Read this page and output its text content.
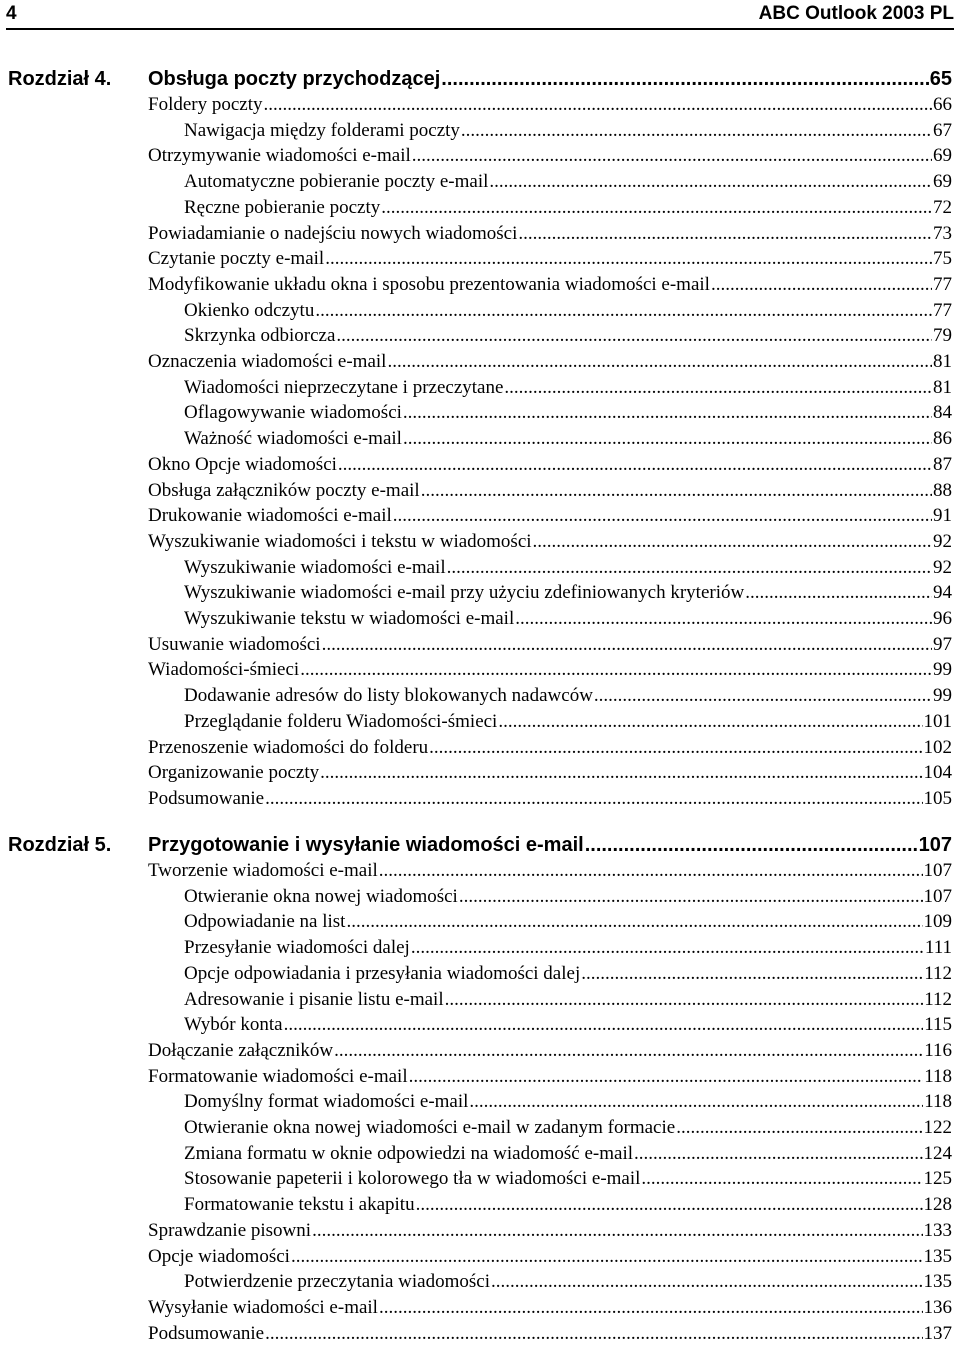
4	ABC Outlook 2003 PL
Rozdział 4. Obsługa poczty przychodzącej .....	65
Foldery poczty .....	66
Nawigacja między folderami poczty .....	67
Otrzymywanie wiadomości e-mail .....	69
Automatyczne pobieranie poczty e-mail .....	69
Ręczne pobieranie poczty .....	72
Powiadamianie o nadejściu nowych wiadomości .....	73
Czytanie poczty e-mail .....	75
Modyfikowanie układu okna i sposobu prezentowania wiadomości e-mail .....	77
Okienko odczytu .....	77
Skrzynka odbiorcza .....	79
Oznaczenia wiadomości e-mail .....	81
Wiadomości nieprzeczytane i przeczytane .....	81
Oflagowywanie wiadomości .....	84
Ważność wiadomości e-mail .....	86
Okno Opcje wiadomości .....	87
Obsługa załączników poczty e-mail .....	88
Drukowanie wiadomości e-mail .....	91
Wyszukiwanie wiadomości i tekstu w wiadomości .....	92
Wyszukiwanie wiadomości e-mail .....	92
Wyszukiwanie wiadomości e-mail przy użyciu zdefiniowanych kryteriów .....	94
Wyszukiwanie tekstu w wiadomości e-mail .....	96
Usuwanie wiadomości .....	97
Wiadomości-śmieci .....	99
Dodawanie adresów do listy blokowanych nadawców .....	99
Przeglądanie folderu Wiadomości-śmieci .....	101
Przenoszenie wiadomości do folderu .....	102
Organizowanie poczty .....	104
Podsumowanie .....	105
Rozdział 5. Przygotowanie i wysyłanie wiadomości e-mail .....	107
Tworzenie wiadomości e-mail .....	107
Otwieranie okna nowej wiadomości .....	107
Odpowiadanie na list .....	109
Przesyłanie wiadomości dalej .....	111
Opcje odpowiadania i przesyłania wiadomości dalej .....	112
Adresowanie i pisanie listu e-mail .....	112
Wybór konta .....	115
Dołączanie załączników .....	116
Formatowanie wiadomości e-mail .....	118
Domyślny format wiadomości e-mail .....	118
Otwieranie okna nowej wiadomości e-mail w zadanym formacie .....	122
Zmiana formatu w oknie odpowiedzi na wiadomość e-mail .....	124
Stosowanie papeterii i kolorowego tła w wiadomości e-mail .....	125
Formatowanie tekstu i akapitu .....	128
Sprawdzanie pisowni .....	133
Opcje wiadomości .....	135
Potwierdzenie przeczytania wiadomości .....	135
Wysyłanie wiadomości e-mail .....	136
Podsumowanie .....	137
